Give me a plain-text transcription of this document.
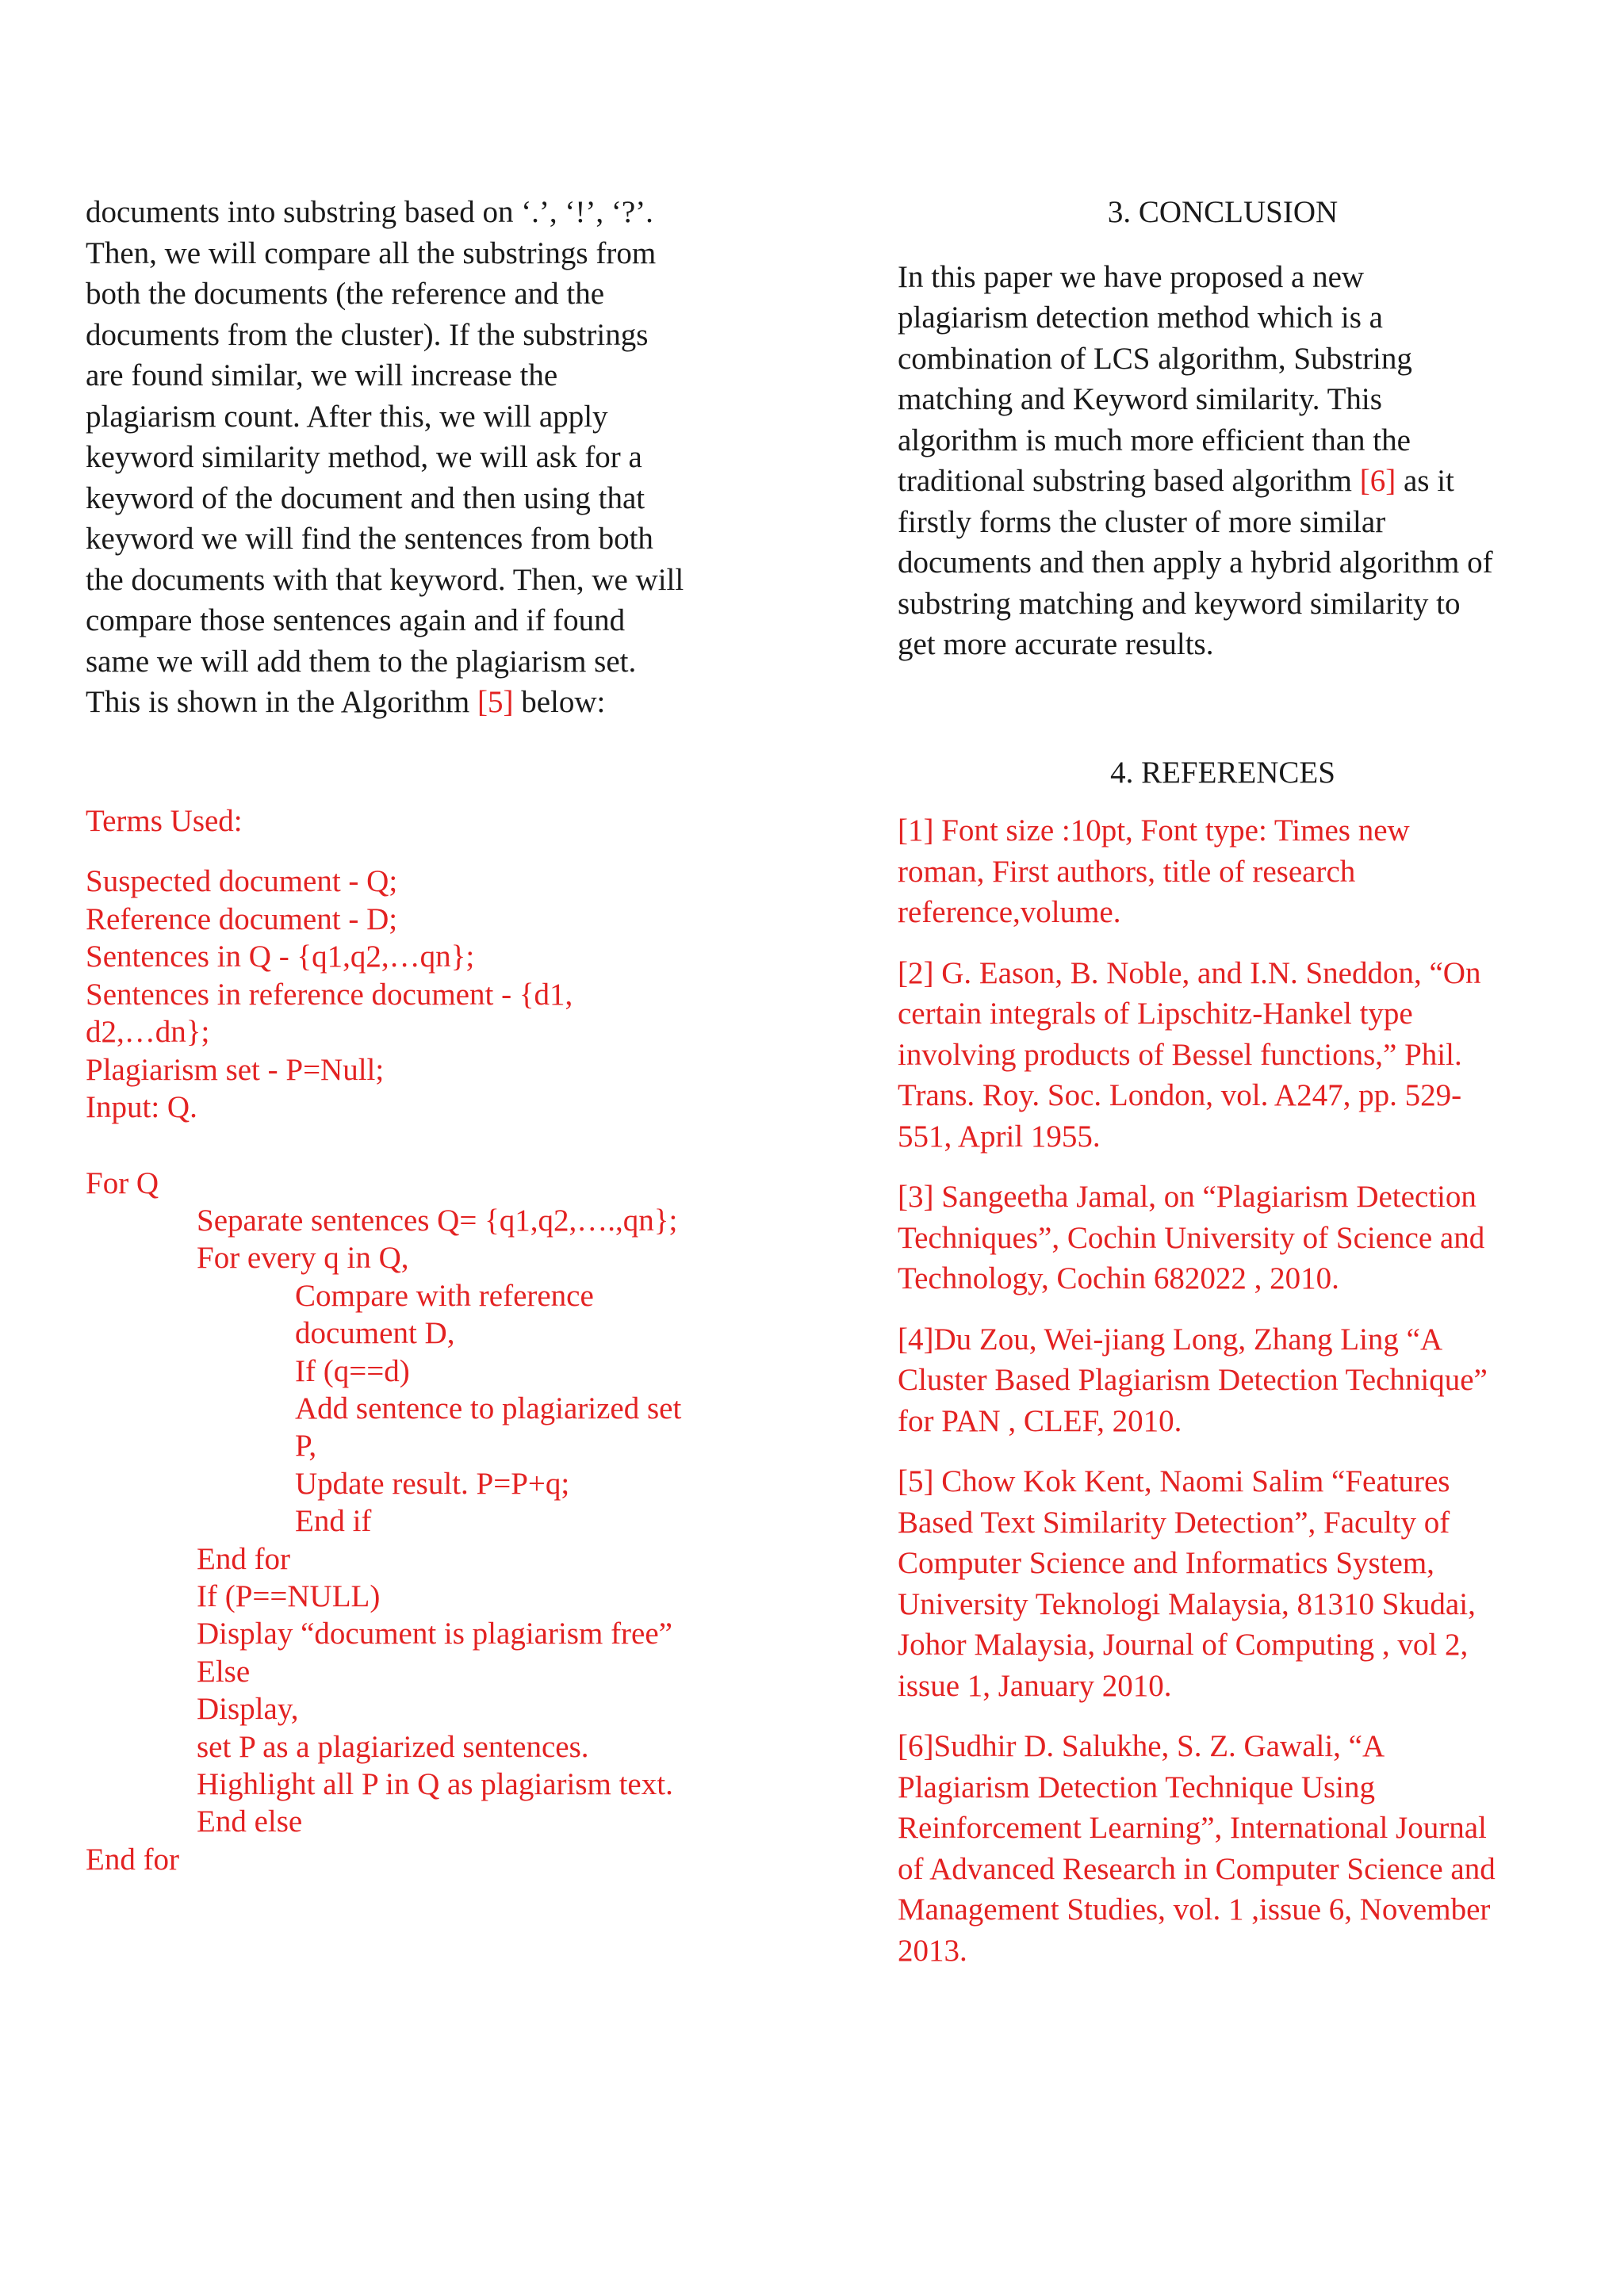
documents into substring based on ‘.’, ‘!’, ‘?’.
Then, we will compare all the substrings from
both the documents (the reference and the
documents from the cluster). If the substrings
are found similar, we will increase the
plagiarism count. After this, we will apply
keyword similarity method, we will ask for a
keyword of the document and then using that
keyword we will find the sentences from both
the documents with that keyword. Then, we will
compare those sentences again and if found
same we will add them to the plagiarism set.
This is shown in the Algorithm [5] below:

Terms Used:

Suspected document - Q;
Reference document - D;
Sentences in Q - {q1,q2,…qn};
Sentences in reference document - {d1,
d2,…dn};
Plagiarism set - P=Null;
Input: Q.

For Q
Separate sentences Q= {q1,q2,….,qn};
For every q in Q,
Compare with reference
document D,
If (q==d)
Add sentence to plagiarized set
P,
Update result. P=P+q;
End if
End for
If (P==NULL)
Display “document is plagiarism free”
Else
Display,
set P as a plagiarized sentences.
Highlight all P in Q as plagiarism text.
End else
End for
3. CONCLUSION

In this paper we have proposed a new
plagiarism detection method which is a
combination of LCS algorithm, Substring
matching and Keyword similarity. This
algorithm is much more efficient than the
traditional substring based algorithm [6] as it
firstly forms the cluster of more similar
documents and then apply a hybrid algorithm of
substring matching and keyword similarity to
get more accurate results.

4. REFERENCES

[1] Font size :10pt, Font type: Times new
roman, First authors, title of research
reference,volume.

[2] G. Eason, B. Noble, and I.N. Sneddon, “On
certain integrals of Lipschitz-Hankel type
involving products of Bessel functions,” Phil.
Trans. Roy. Soc. London, vol. A247, pp. 529-
551, April 1955.

[3] Sangeetha Jamal, on “Plagiarism Detection
Techniques”, Cochin University of Science and
Technology, Cochin 682022 , 2010.

[4]Du Zou, Wei-jiang Long, Zhang Ling “A
Cluster Based Plagiarism Detection Technique”
for PAN , CLEF, 2010.

[5] Chow Kok Kent, Naomi Salim “Features
Based Text Similarity Detection”, Faculty of
Computer Science and Informatics System,
University Teknologi Malaysia, 81310 Skudai,
Johor Malaysia, Journal of Computing , vol 2,
issue 1, January 2010.

[6]Sudhir D. Salukhe, S. Z. Gawali, “A
Plagiarism Detection Technique Using
Reinforcement Learning”, International Journal
of Advanced Research in Computer Science and
Management Studies, vol. 1 ,issue 6, November
2013.
